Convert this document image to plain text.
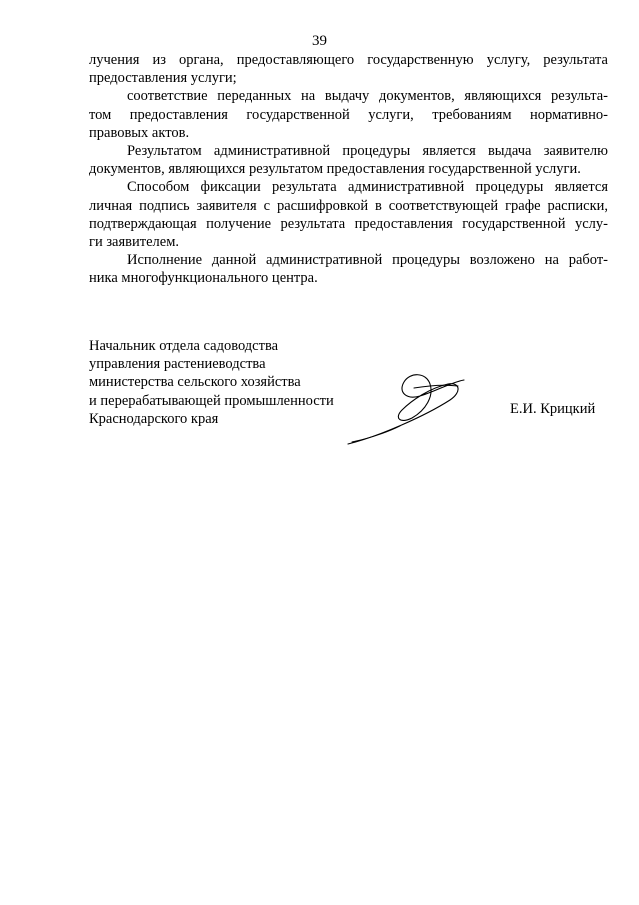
39
лучения из органа, предоставляющего государственную услугу, результата
предоставления услуги;
соответствие переданных на выдачу документов, являющихся результа-
том предоставления государственной услуги, требованиям нормативно-
правовых актов.
Результатом административной процедуры является выдача заявителю
документов, являющихся результатом предоставления государственной услуги.
Способом фиксации результата административной процедуры является
личная подпись заявителя с расшифровкой в соответствующей графе расписки,
подтверждающая получение результата предоставления государственной услу-
ги заявителем.
Исполнение данной административной процедуры возложено на работ-
ника многофункционального центра.
Начальник отдела садоводства
управления растениеводства
министерства сельского хозяйства
и перерабатывающей промышленности
Краснодарского края
Е.И. Крицкий
